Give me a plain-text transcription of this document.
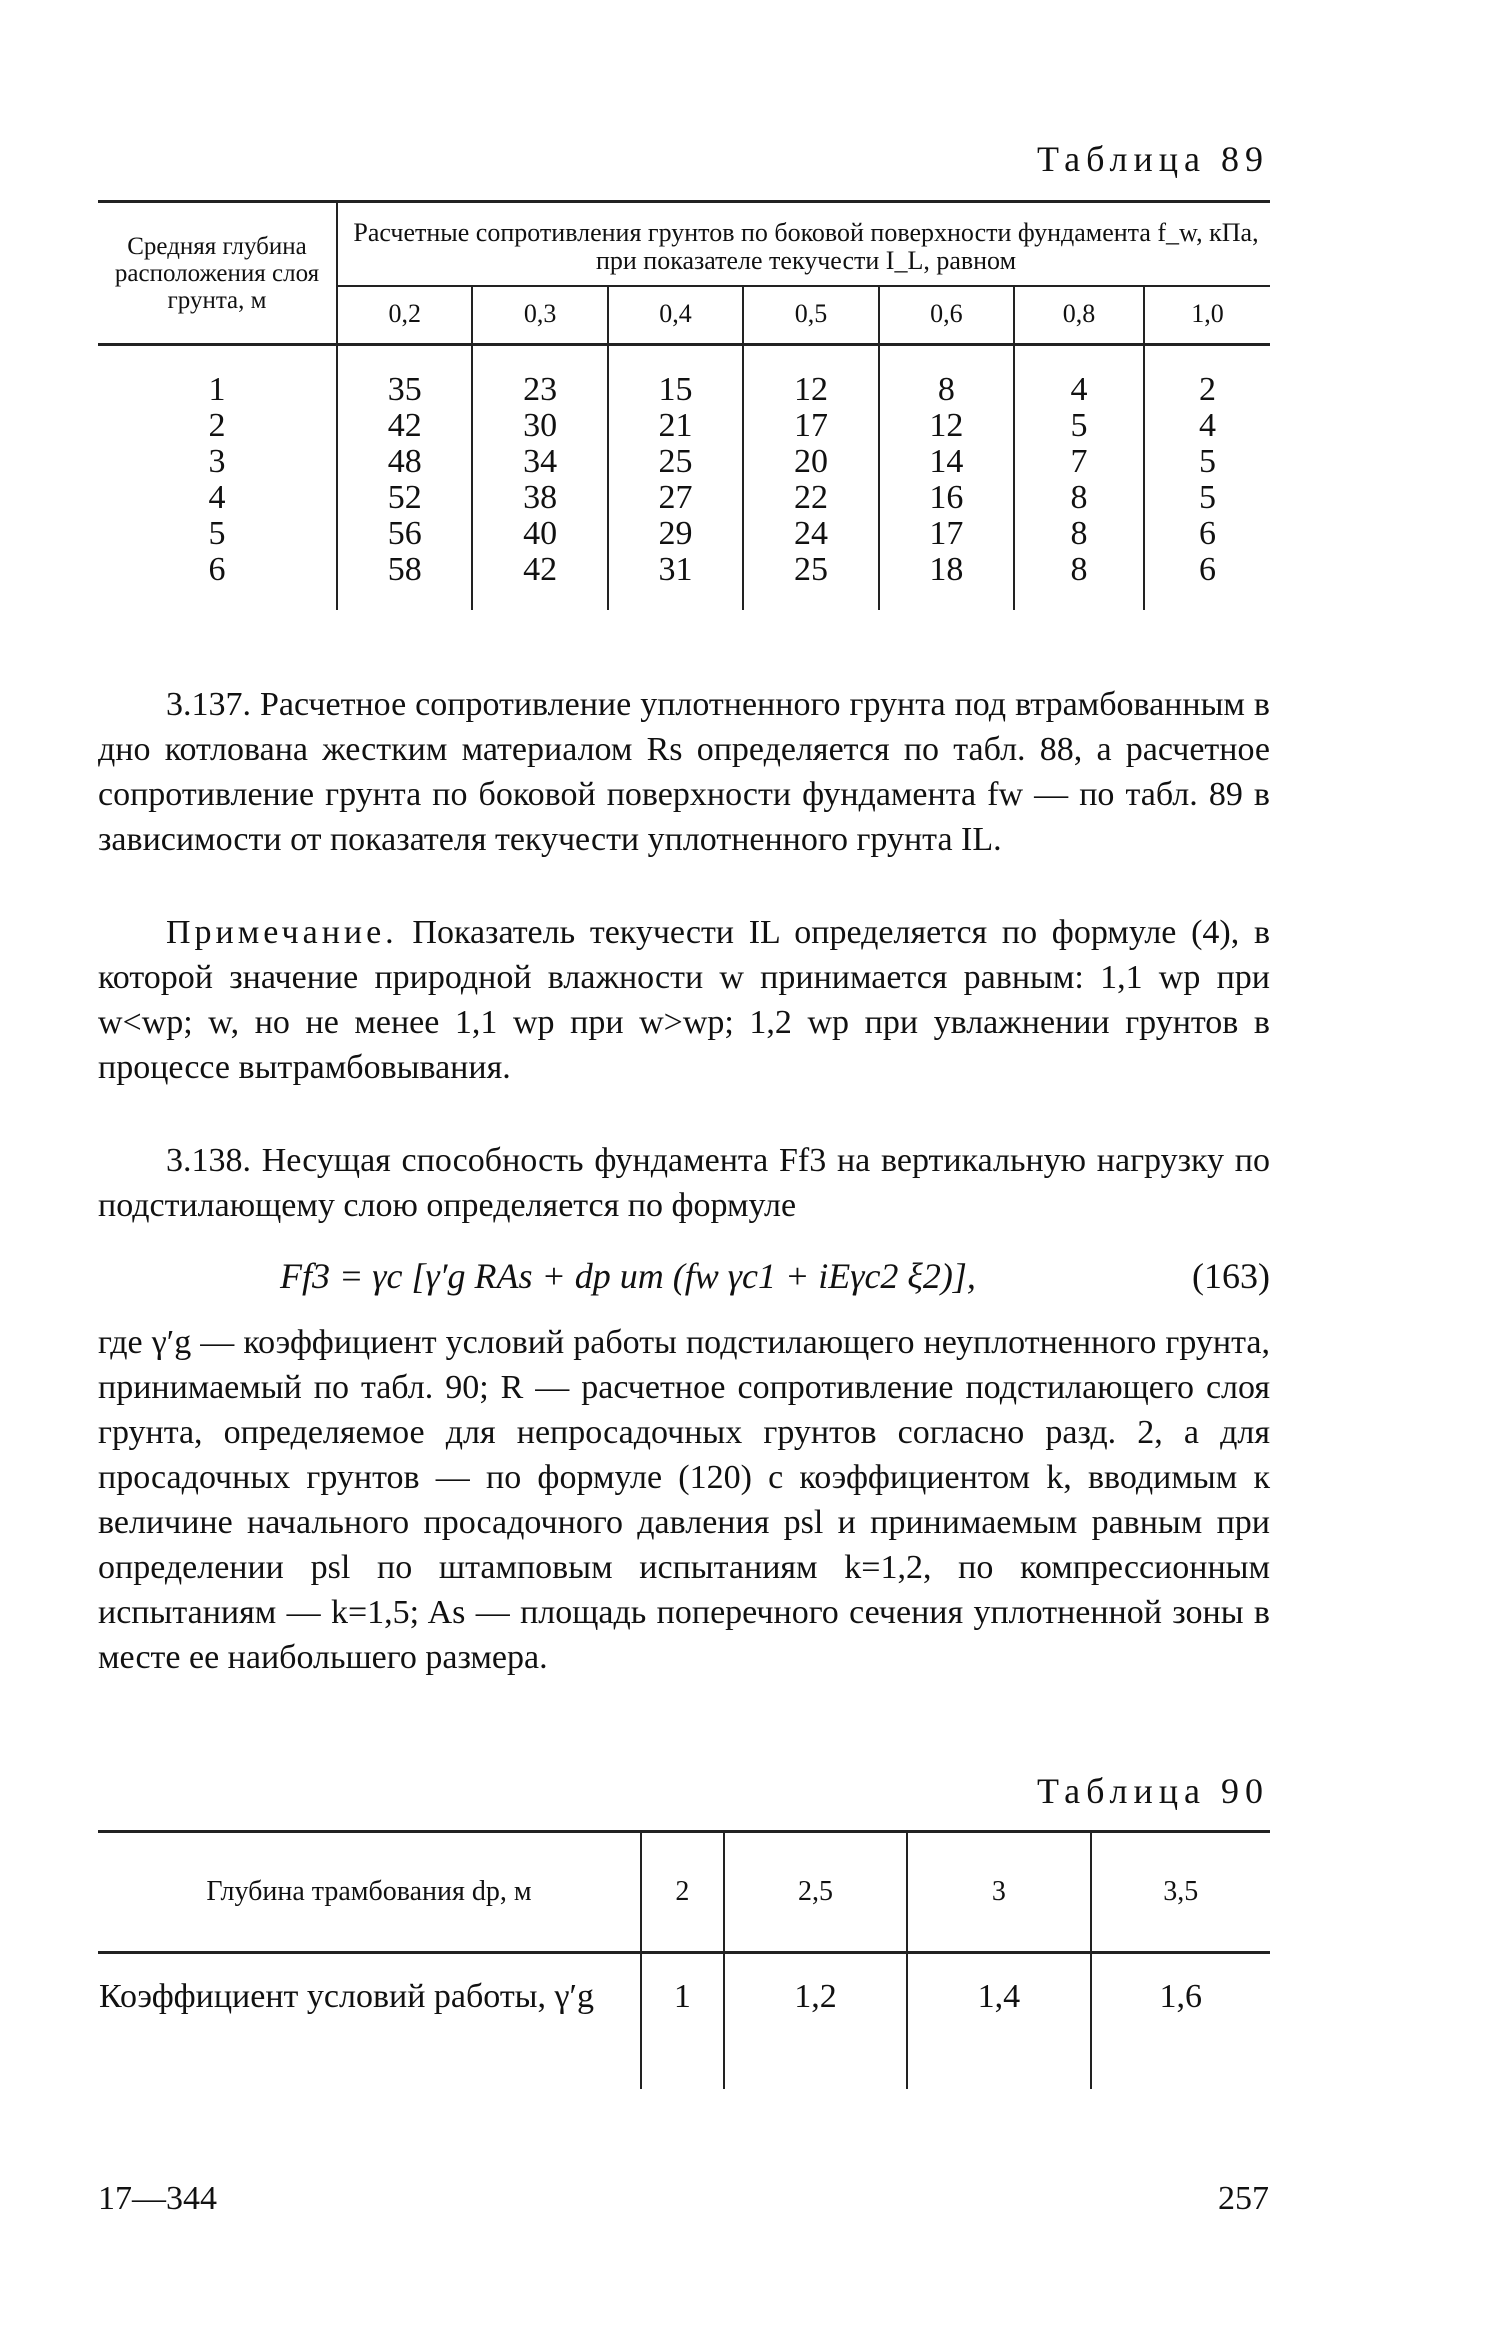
Таблица 89
Средняя глубина расположения слоя грунта, м	Расчетные сопротивления грунтов по боковой поверхности фундамента f_w, кПа, при показателе текучести I_L, равном						
	0,2	0,3	0,4	0,5	0,6	0,8	1,0
1	35	23	15	12	8	4	2
2	42	30	21	17	12	5	4
3	48	34	25	20	14	7	5
4	52	38	27	22	16	8	5
5	56	40	29	24	17	8	6
6	58	42	31	25	18	8	6

3.137. Расчетное сопротивление уплотненного грунта под втрамбованным в дно котлована жестким материалом Rs определяется по табл. 88, а расчетное сопротивление грунта по боковой поверхности фундамента fw — по табл. 89 в зависимости от показателя текучести уплотненного грунта IL.

Примечание. Показатель текучести IL определяется по формуле (4), в которой значение природной влажности w принимается равным: 1,1 wp при w<wp; w, но не менее 1,1 wp при w>wp; 1,2 wp при увлажнении грунтов в процессе вытрамбовывания.

3.138. Несущая способность фундамента Ff3 на вертикальную нагрузку по подстилающему слою определяется по формуле

Ff3 = γc [γ′g RAs + dp um (fw γc1 + iEγc2 ξ2)],	(163)

где γ′g — коэффициент условий работы подстилающего неуплотненного грунта, принимаемый по табл. 90; R — расчетное сопротивление подстилающего слоя грунта, определяемое для непросадочных грунтов согласно разд. 2, а для просадочных грунтов — по формуле (120) с коэффициентом k, вводимым к величине начального просадочного давления psl и принимаемым равным при определении psl по штамповым испытаниям k=1,2, по компрессионным испытаниям — k=1,5; As — площадь поперечного сечения уплотненной зоны в месте ее наибольшего размера.

Таблица 90
Глубина трамбования dp, м	2	2,5	3	3,5
Коэффициент условий работы, γ′g	1	1,2	1,4	1,6
17—344	257
